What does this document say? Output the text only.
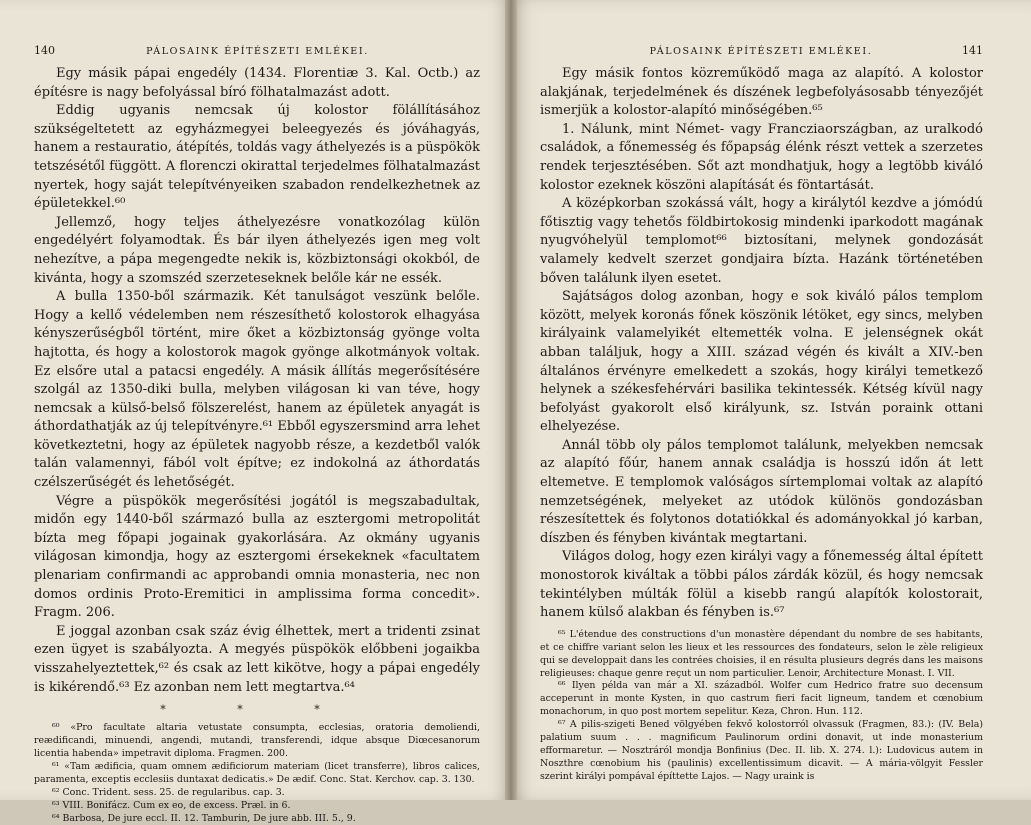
140	PÁLOSAINK ÉPÍTÉSZETI EMLÉKEI.

Egy másik pápai engedély (1434. Florentiæ 3. Kal. Octb.) az építésre is nagy befolyással bíró fölhatalmazást adott.

Eddig ugyanis nemcsak új kolostor fölállításához szükségeltetett az egyházmegyei beleegyezés és jóváhagyás, hanem a restauratio, átépítés, toldás vagy áthelyezés is a püspökök tetszésétől függött. A florenczi okirattal terjedelmes fölhatalmazást nyertek, hogy saját telepítvényeiken szabadon rendelkezhetnek az épületekkel.⁶⁰

Jellemző, hogy teljes áthelyezésre vonatkozólag külön engedélyért folyamodtak. És bár ilyen áthelyezés igen meg volt nehezítve, a pápa megengedte nekik is, közbiztonsági okokból, de kivánta, hogy a szomszéd szerzeteseknek belőle kár ne essék.

A bulla 1350-ből származik. Két tanulságot veszünk belőle. Hogy a kellő védelemben nem részesíthető kolostorok elhagyása kényszerűségből történt, mire őket a közbiztonság gyönge volta hajtotta, és hogy a kolostorok magok gyönge alkotmányok voltak. Ez elsőre utal a patacsi engedély. A másik állítás megerősítésére szolgál az 1350-diki bulla, melyben világosan ki van téve, hogy nemcsak a külső-belső fölszerelést, hanem az épületek anyagát is áthordathatják az új telepítvényre.⁶¹ Ebből egyszersmind arra lehet következtetni, hogy az épületek nagyobb része, a kezdetből valók talán valamennyi, fából volt építve; ez indokolná az áthordatás czélszerűségét és lehetőségét.

Végre a püspökök megerősítési jogától is megszabadultak, midőn egy 1440-ből származó bulla az esztergomi metropolitát bízta meg főpapi jogainak gyakorlására. Az okmány ugyanis világosan kimondja, hogy az esztergomi érsekeknek «facultatem plenariam confirmandi ac approbandi omnia monasteria, nec non domos ordinis Proto-Eremitici in amplissima forma concedit». Fragm. 206.

E joggal azonban csak száz évig élhettek, mert a tridenti zsinat ezen ügyet is szabályozta. A megyés püspökök előbbeni jogaikba visszahelyeztettek,⁶² és csak az lett kikötve, hogy a pápai engedély is kikérendő.⁶³ Ez azonban nem lett megtartva.⁶⁴

* * *

⁶⁰ «Pro facultate altaria vetustate consumpta, ecclesias, oratoria demoliendi, reædificandi, minuendi, angendi, mutandi, transferendi, idque absque Diœcesanorum licentia habenda» impetravit diploma. Fragmen. 200.

⁶¹ «Tam ædificia, quam omnem ædificiorum materiam (licet transferre), libros calices, paramenta, exceptis ecclesiis duntaxat dedicatis.» De ædif. Conc. Stat. Kerchov. cap. 3. 130.

⁶² Conc. Trident. sess. 25. de regularibus. cap. 3.

⁶³ VIII. Bonifácz. Cum ex eo, de excess. Præl. in 6.

⁶⁴ Barbosa, De jure eccl. II. 12. Tamburin, De jure abb. III. 5., 9.

PÁLOSAINK ÉPÍTÉSZETI EMLÉKEI.	141

Egy másik fontos közreműködő maga az alapító. A kolostor alakjának, terjedelmének és díszének legbefolyásosabb tényezőjét ismerjük a kolostor-alapító minőségében.⁶⁵

1. Nálunk, mint Német- vagy Francziaországban, az uralkodó családok, a főnemesség és főpapság élénk részt vettek a szerzetes rendek terjesztésében. Sőt azt mondhatjuk, hogy a legtöbb kiváló kolostor ezeknek köszöni alapítását és föntartását.

A középkorban szokássá vált, hogy a királytól kezdve a jómódú főtisztig vagy tehetős földbirtokosig mindenki iparkodott magának nyugvóhelyül templomot⁶⁶ biztosítani, melynek gondozását valamely kedvelt szerzet gondjaira bízta. Hazánk történetében bőven találunk ilyen esetet.

Sajátságos dolog azonban, hogy e sok kiváló pálos templom között, melyek koronás főnek köszönik létöket, egy sincs, melyben királyaink valamelyikét eltemették volna. E jelenségnek okát abban találjuk, hogy a XIII. század végén és kivált a XIV.-ben általános érvényre emelkedett a szokás, hogy királyi temetkező helynek a székesfehérvári basilika tekintessék. Kétség kívül nagy befolyást gyakorolt első királyunk, sz. István poraink ottani elhelyezése.

Annál több oly pálos templomot találunk, melyekben nemcsak az alapító főúr, hanem annak családja is hosszú időn át lett eltemetve. E templomok valóságos sírtemplomai voltak az alapító nemzetségének, melyeket az utódok különös gondozásban részesítettek és folytonos dotatiókkal és adományokkal jó karban, díszben és fényben kivántak megtartani.

Világos dolog, hogy ezen királyi vagy a főnemesség által épített monostorok kiváltak a többi pálos zárdák közül, és hogy nemcsak tekintélyben múlták fölül a kisebb rangú alapítók kolostorait, hanem külső alakban és fényben is.⁶⁷

⁶⁵ L'étendue des constructions d'un monastère dépendant du nombre de ses habitants, et ce chiffre variant selon les lieux et les ressources des fondateurs, selon le zèle religieux qui se developpait dans les contrées choisies, il en résulta plusieurs degrés dans les maisons religieuses: chaque genre reçut un nom particulier. Lenoir, Architecture Monast. I. VII.

⁶⁶ Ilyen példa van már a XI. századból. Wolfer cum Hedrico fratre suo decensum acceperunt in monte Kysten, in quo castrum fieri facit ligneum, tandem et cœnobium monachorum, in quo post mortem sepelitur. Keza, Chron. Hun. 112.

⁶⁷ A pilis-szigeti Bened völgyében fekvő kolostorról olvassuk (Fragmen, 83.): (IV. Bela) palatium suum . . . magnificum Paulinorum ordini donavit, ut inde monasterium efformaretur. — Nosztráról mondja Bonfinius (Dec. II. lib. X. 274. l.): Ludovicus autem in Noszthre cœnobium his (paulinis) excellentissimum dicavit. — A mária-völgyit Fessler szerint királyi pompával építtette Lajos. — Nagy uraink is
